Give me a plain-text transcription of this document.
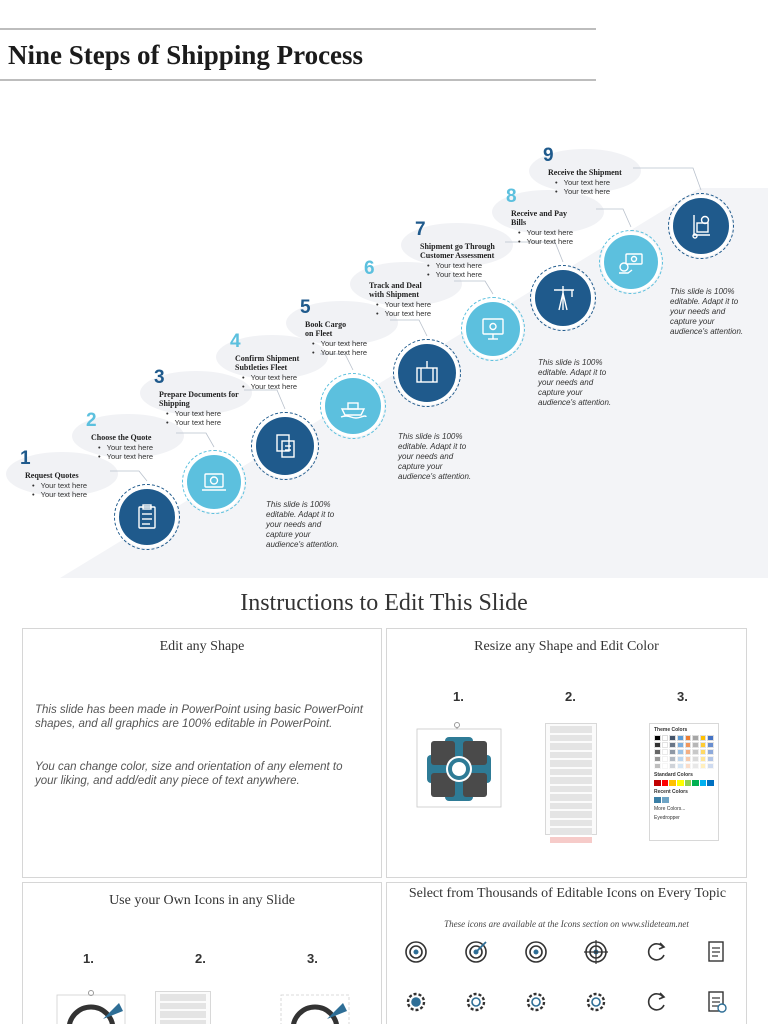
Nine Steps of Shipping Process
1
Request Quotes
• Your text here
• Your text here
2
Choose the Quote
• Your text here
• Your text here
3
Prepare Documents for Shipping
• Your text here
• Your text here
4
Confirm Shipment Subtleties Fleet
• Your text here
• Your text here
5
Book Cargo on Fleet
• Your text here
• Your text here
6
Track and Deal with Shipment
• Your text here
• Your text here
7
Shipment go Through Customer Assessment
• Your text here
• Your text here
8
Receive and Pay Bills
• Your text here
• Your text here
9
Receive the Shipment
• Your text here
• Your text here
This slide is 100% editable. Adapt it to your needs and capture your audience's attention.
This slide is 100% editable. Adapt it to your needs and capture your audience's attention.
This slide is 100% editable. Adapt it to your needs and capture your audience's attention.
This slide is 100% editable. Adapt it to your needs and capture your audience's attention.
Instructions to Edit This Slide
Edit any Shape
This slide has been made in PowerPoint using basic PowerPoint shapes, and all graphics are 100% editable in PowerPoint.
You can change color, size and orientation of any element to your liking, and add/edit any piece of text anywhere.
Resize any Shape and Edit Color
1.	2.	3.
Theme Colors
Standard Colors
Recent Colors
More Colors...
Eyedropper
Use your Own Icons in any Slide
1.	2.	3.
Select from Thousands of Editable Icons on Every Topic
These icons are available at the Icons section on www.slideteam.net
